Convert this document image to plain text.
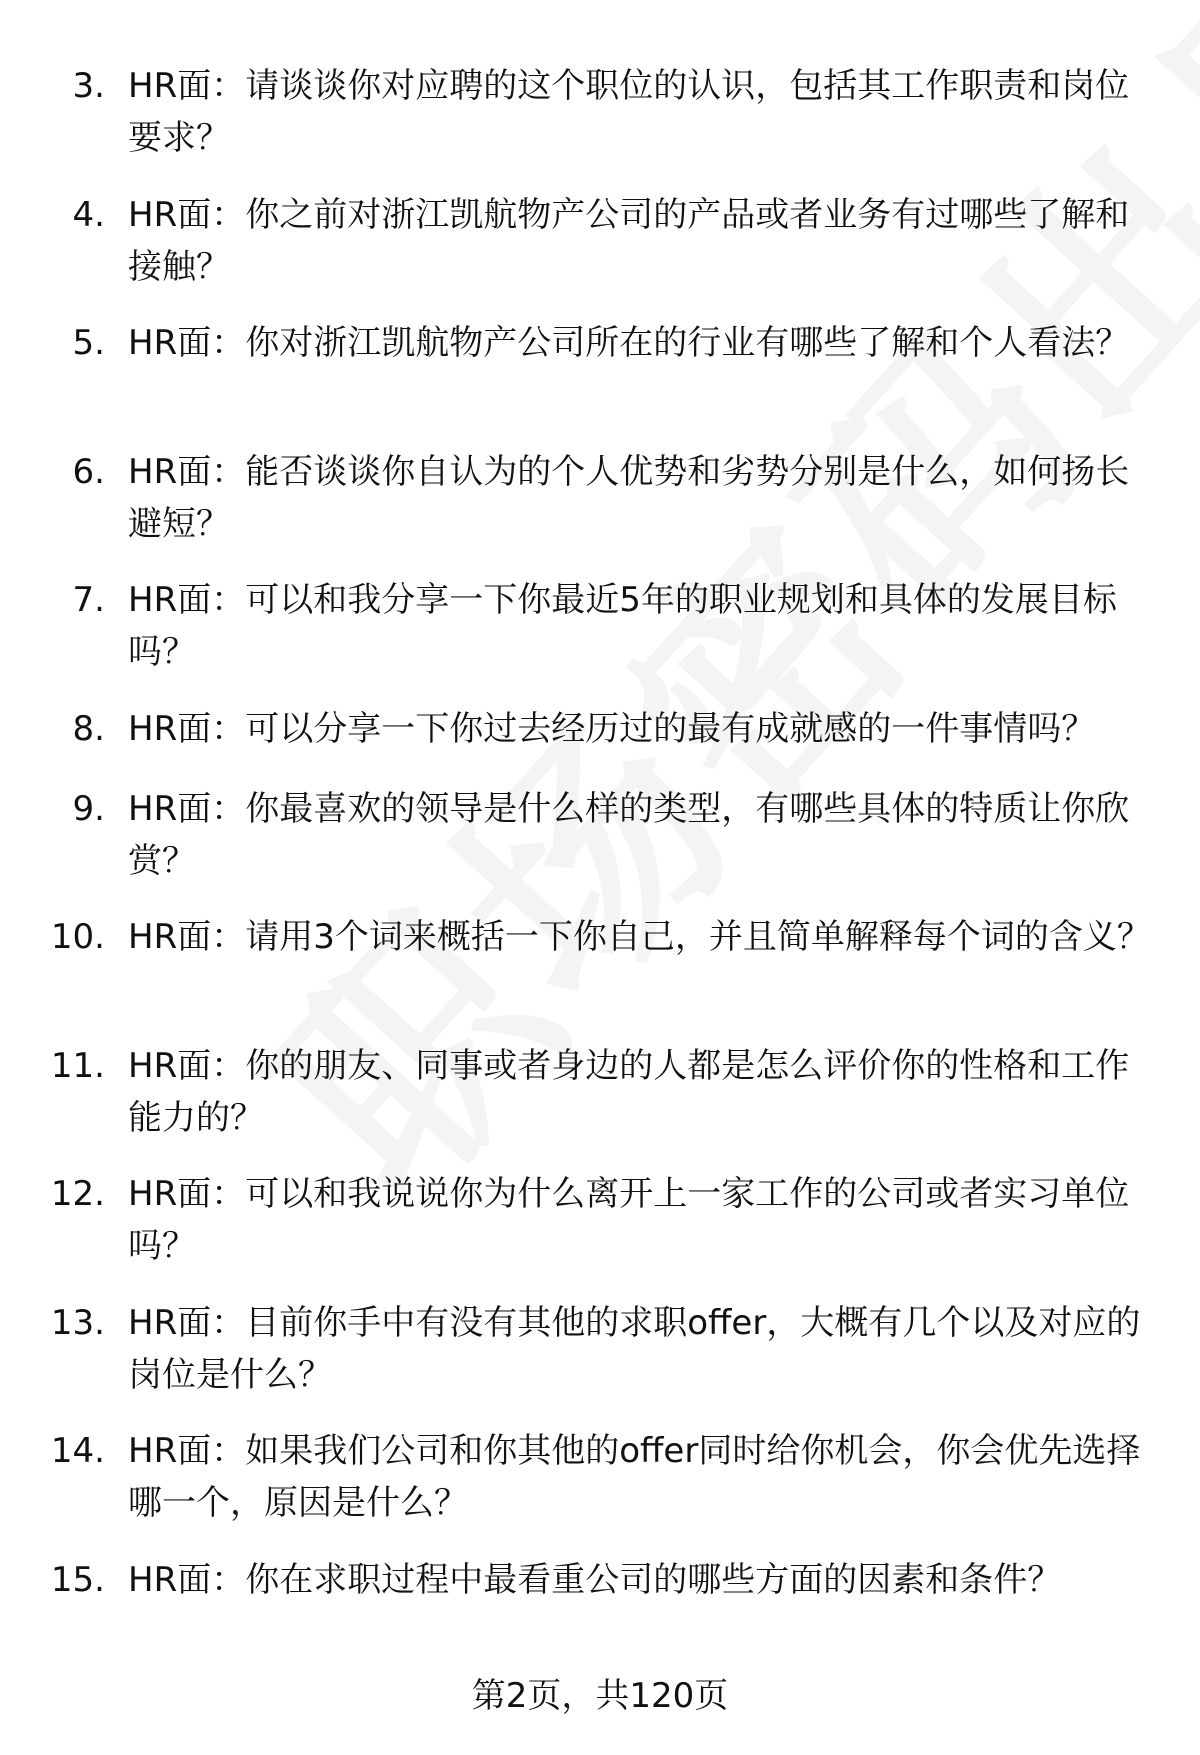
3. HR面：请谈谈你对应聘的这个职位的认识，包括其工作职责和岗位要求？
4. HR面：你之前对浙江凯航物产公司的产品或者业务有过哪些了解和接触？
5. HR面：你对浙江凯航物产公司所在的行业有哪些了解和个人看法？
6. HR面：能否谈谈你自认为的个人优势和劣势分别是什么，如何扬长避短？
7. HR面：可以和我分享一下你最近5年的职业规划和具体的发展目标吗？
8. HR面：可以分享一下你过去经历过的最有成就感的一件事情吗？
9. HR面：你最喜欢的领导是什么样的类型，有哪些具体的特质让你欣赏？
10. HR面：请用3个词来概括一下你自己，并且简单解释每个词的含义？
11. HR面：你的朋友、同事或者身边的人都是怎么评价你的性格和工作能力的？
12. HR面：可以和我说说你为什么离开上一家工作的公司或者实习单位吗？
13. HR面：目前你手中有没有其他的求职offer，大概有几个以及对应的岗位是什么？
14. HR面：如果我们公司和你其他的offer同时给你机会，你会优先选择哪一个，原因是什么？
15. HR面：你在求职过程中最看重公司的哪些方面的因素和条件？
第2页，共120页
